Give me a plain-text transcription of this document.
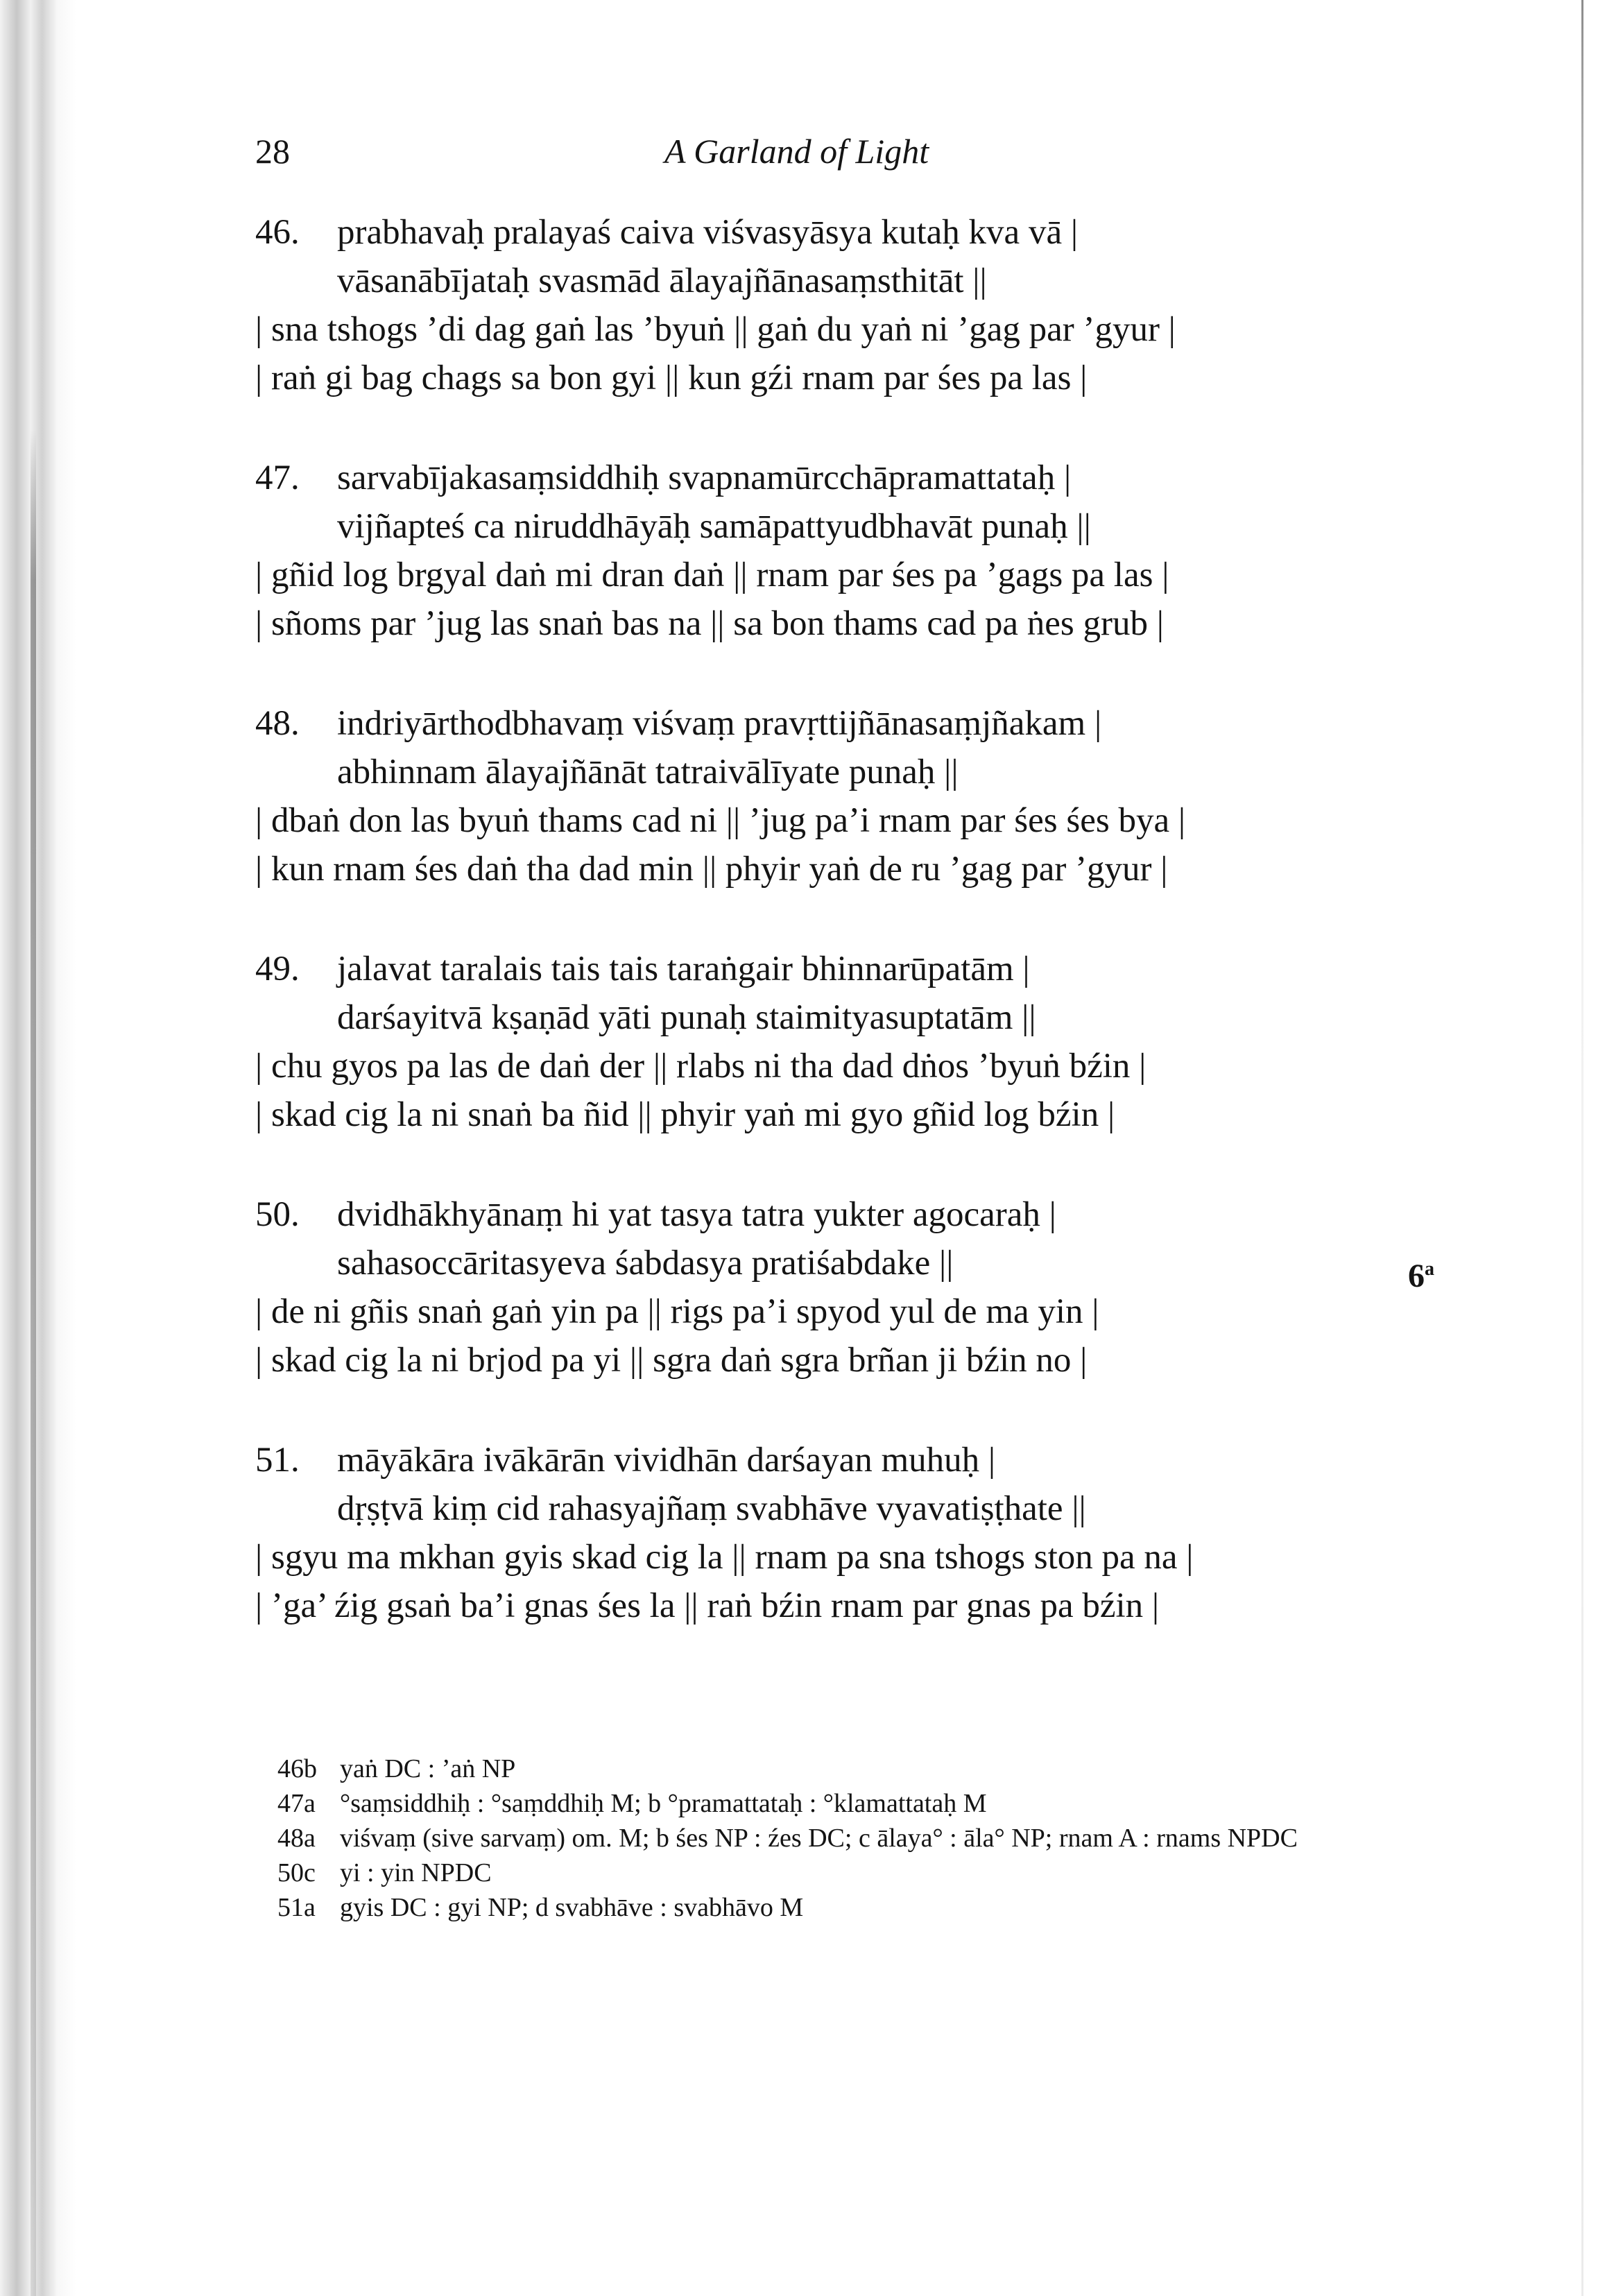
28	A Garland of Light
46. prabhavaḥ pralayaś caiva viśvasyāsya kutaḥ kva vā |
vāsanābījataḥ svasmād ālayajñānasaṃsthitāt ||
| sna tshogs ’di dag gaṅ las ’byuṅ || gaṅ du yaṅ ni ’gag par ’gyur |
| raṅ gi bag chags sa bon gyi || kun gźi rnam par śes pa las |
47. sarvabījakasaṃsiddhiḥ svapnamūrcchāpramattataḥ |
vijñapteś ca niruddhāyāḥ samāpattyudbhavāt punaḥ ||
| gñid log brgyal daṅ mi dran daṅ || rnam par śes pa ’gags pa las |
| sñoms par ’jug las snaṅ bas na || sa bon thams cad pa ṅes grub |
48. indriyārthodbhavaṃ viśvaṃ pravṛttijñānasaṃjñakam |
abhinnam ālayajñānāt tatraivālīyate punaḥ ||
| dbaṅ don las byuṅ thams cad ni || ’jug pa’i rnam par śes śes bya |
| kun rnam śes daṅ tha dad min || phyir yaṅ de ru ’gag par ’gyur |
49. jalavat taralais tais tais taraṅgair bhinnarūpatām |
darśayitvā kṣaṇād yāti punaḥ staimityasuptatām ||
| chu gyos pa las de daṅ der || rlabs ni tha dad dṅos ’byuṅ bźin |
| skad cig la ni snaṅ ba ñid || phyir yaṅ mi gyo gñid log bźin |
50. dvidhākhyānaṃ hi yat tasya tatra yukter agocaraḥ |
sahasoccāritasyeva śabdasya pratiśabdake ||
| de ni gñis snaṅ gaṅ yin pa || rigs pa’i spyod yul de ma yin |
| skad cig la ni brjod pa yi || sgra daṅ sgra brñan ji bźin no |
51. māyākāra ivākārān vividhān darśayan muhuḥ |
dṛṣṭvā kiṃ cid rahasyajñaṃ svabhāve vyavatiṣṭhate ||
| sgyu ma mkhan gyis skad cig la || rnam pa sna tshogs ston pa na |
| ’ga’ źig gsaṅ ba’i gnas śes la || raṅ bźin rnam par gnas pa bźin |
6$^a$
46b yaṅ DC : ’aṅ NP
47a °saṃsiddhiḥ : °saṃddhiḥ M; b °pramattataḥ : °klamattataḥ M
48a viśvaṃ (sive sarvaṃ) om. M; b śes NP : źes DC; c ālaya° : āla° NP; rnam A : rnams NPDC
50c yi : yin NPDC
51a gyis DC : gyi NP; d svabhāve : svabhāvo M
